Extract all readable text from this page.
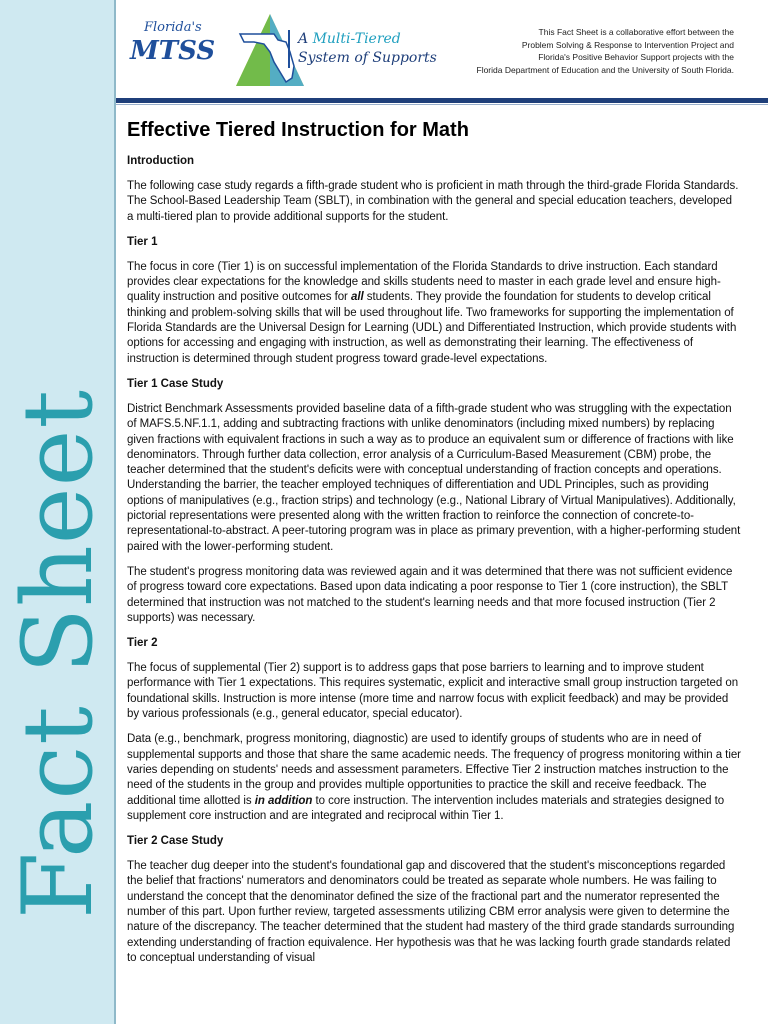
Fact Sheet
Florida's
MTSS	A Multi-Tiered
System of Supports
This Fact Sheet is a collaborative effort between the
Problem Solving & Response to Intervention Project and
Florida's Positive Behavior Support projects with the
Florida Department of Education and the University of South Florida.
Effective Tiered Instruction for Math
Introduction

The following case study regards a fifth-grade student who is proficient in math through the third-grade Florida Standards. The School-Based Leadership Team (SBLT), in combination with the general and special education teachers, developed a multi-tiered plan to provide additional supports for the student.

Tier 1

The focus in core (Tier 1) is on successful implementation of the Florida Standards to drive instruction. Each standard provides clear expectations for the knowledge and skills students need to master in each grade level and ensure high-quality instruction and positive outcomes for all students. They provide the foundation for students to develop critical thinking and problem-solving skills that will be used throughout life. Two frameworks for supporting the implementation of Florida Standards are the Universal Design for Learning (UDL) and Differentiated Instruction, which provide students with options for accessing and engaging with instruction, as well as demonstrating their learning. The effectiveness of instruction is determined through student progress toward grade-level expectations.

Tier 1 Case Study

District Benchmark Assessments provided baseline data of a fifth-grade student who was struggling with the expectation of MAFS.5.NF.1.1, adding and subtracting fractions with unlike denominators (including mixed numbers) by replacing given fractions with equivalent fractions in such a way as to produce an equivalent sum or difference of fractions with like denominators. Through further data collection, error analysis of a Curriculum-Based Measurement (CBM) probe, the teacher determined that the student's deficits were with conceptual understanding of fraction concepts and operations. Understanding the barrier, the teacher employed techniques of differentiation and UDL Principles, such as providing options of manipulatives (e.g., fraction strips) and technology (e.g., National Library of Virtual Manipulatives). Additionally, pictorial representations were presented along with the written fraction to reinforce the connection of concrete-to-representational-to-abstract. A peer-tutoring program was in place as primary prevention, with a higher-performing student paired with the lower-performing student.

The student's progress monitoring data was reviewed again and it was determined that there was not sufficient evidence of progress toward core expectations. Based upon data indicating a poor response to Tier 1 (core instruction), the SBLT determined that instruction was not matched to the student's learning needs and that more focused instruction (Tier 2 supports) was necessary.

Tier 2

The focus of supplemental (Tier 2) support is to address gaps that pose barriers to learning and to improve student performance with Tier 1 expectations. This requires systematic, explicit and interactive small group instruction targeted on foundational skills. Instruction is more intense (more time and narrow focus with explicit feedback) and may be provided by various professionals (e.g., general educator, special educator).

Data (e.g., benchmark, progress monitoring, diagnostic) are used to identify groups of students who are in need of supplemental supports and those that share the same academic needs. The frequency of progress monitoring within a tier varies depending on students' needs and assessment parameters. Effective Tier 2 instruction matches instruction to the need of the students in the group and provides multiple opportunities to practice the skill and receive feedback. The additional time allotted is in addition to core instruction. The intervention includes materials and strategies designed to supplement core instruction and are integrated and reciprocal within Tier 1.

Tier 2 Case Study

The teacher dug deeper into the student's foundational gap and discovered that the student's misconceptions regarded the belief that fractions' numerators and denominators could be treated as separate whole numbers. He was failing to understand the concept that the denominator defined the size of the fractional part and the numerator represented the number of this part. Upon further review, targeted assessments utilizing CBM error analysis were given to determine the nature of the discrepancy. The teacher determined that the student had mastery of the third grade standards surrounding extending understanding of fraction equivalence. Her hypothesis was that he was lacking fourth grade standards related to conceptual understanding of visual
